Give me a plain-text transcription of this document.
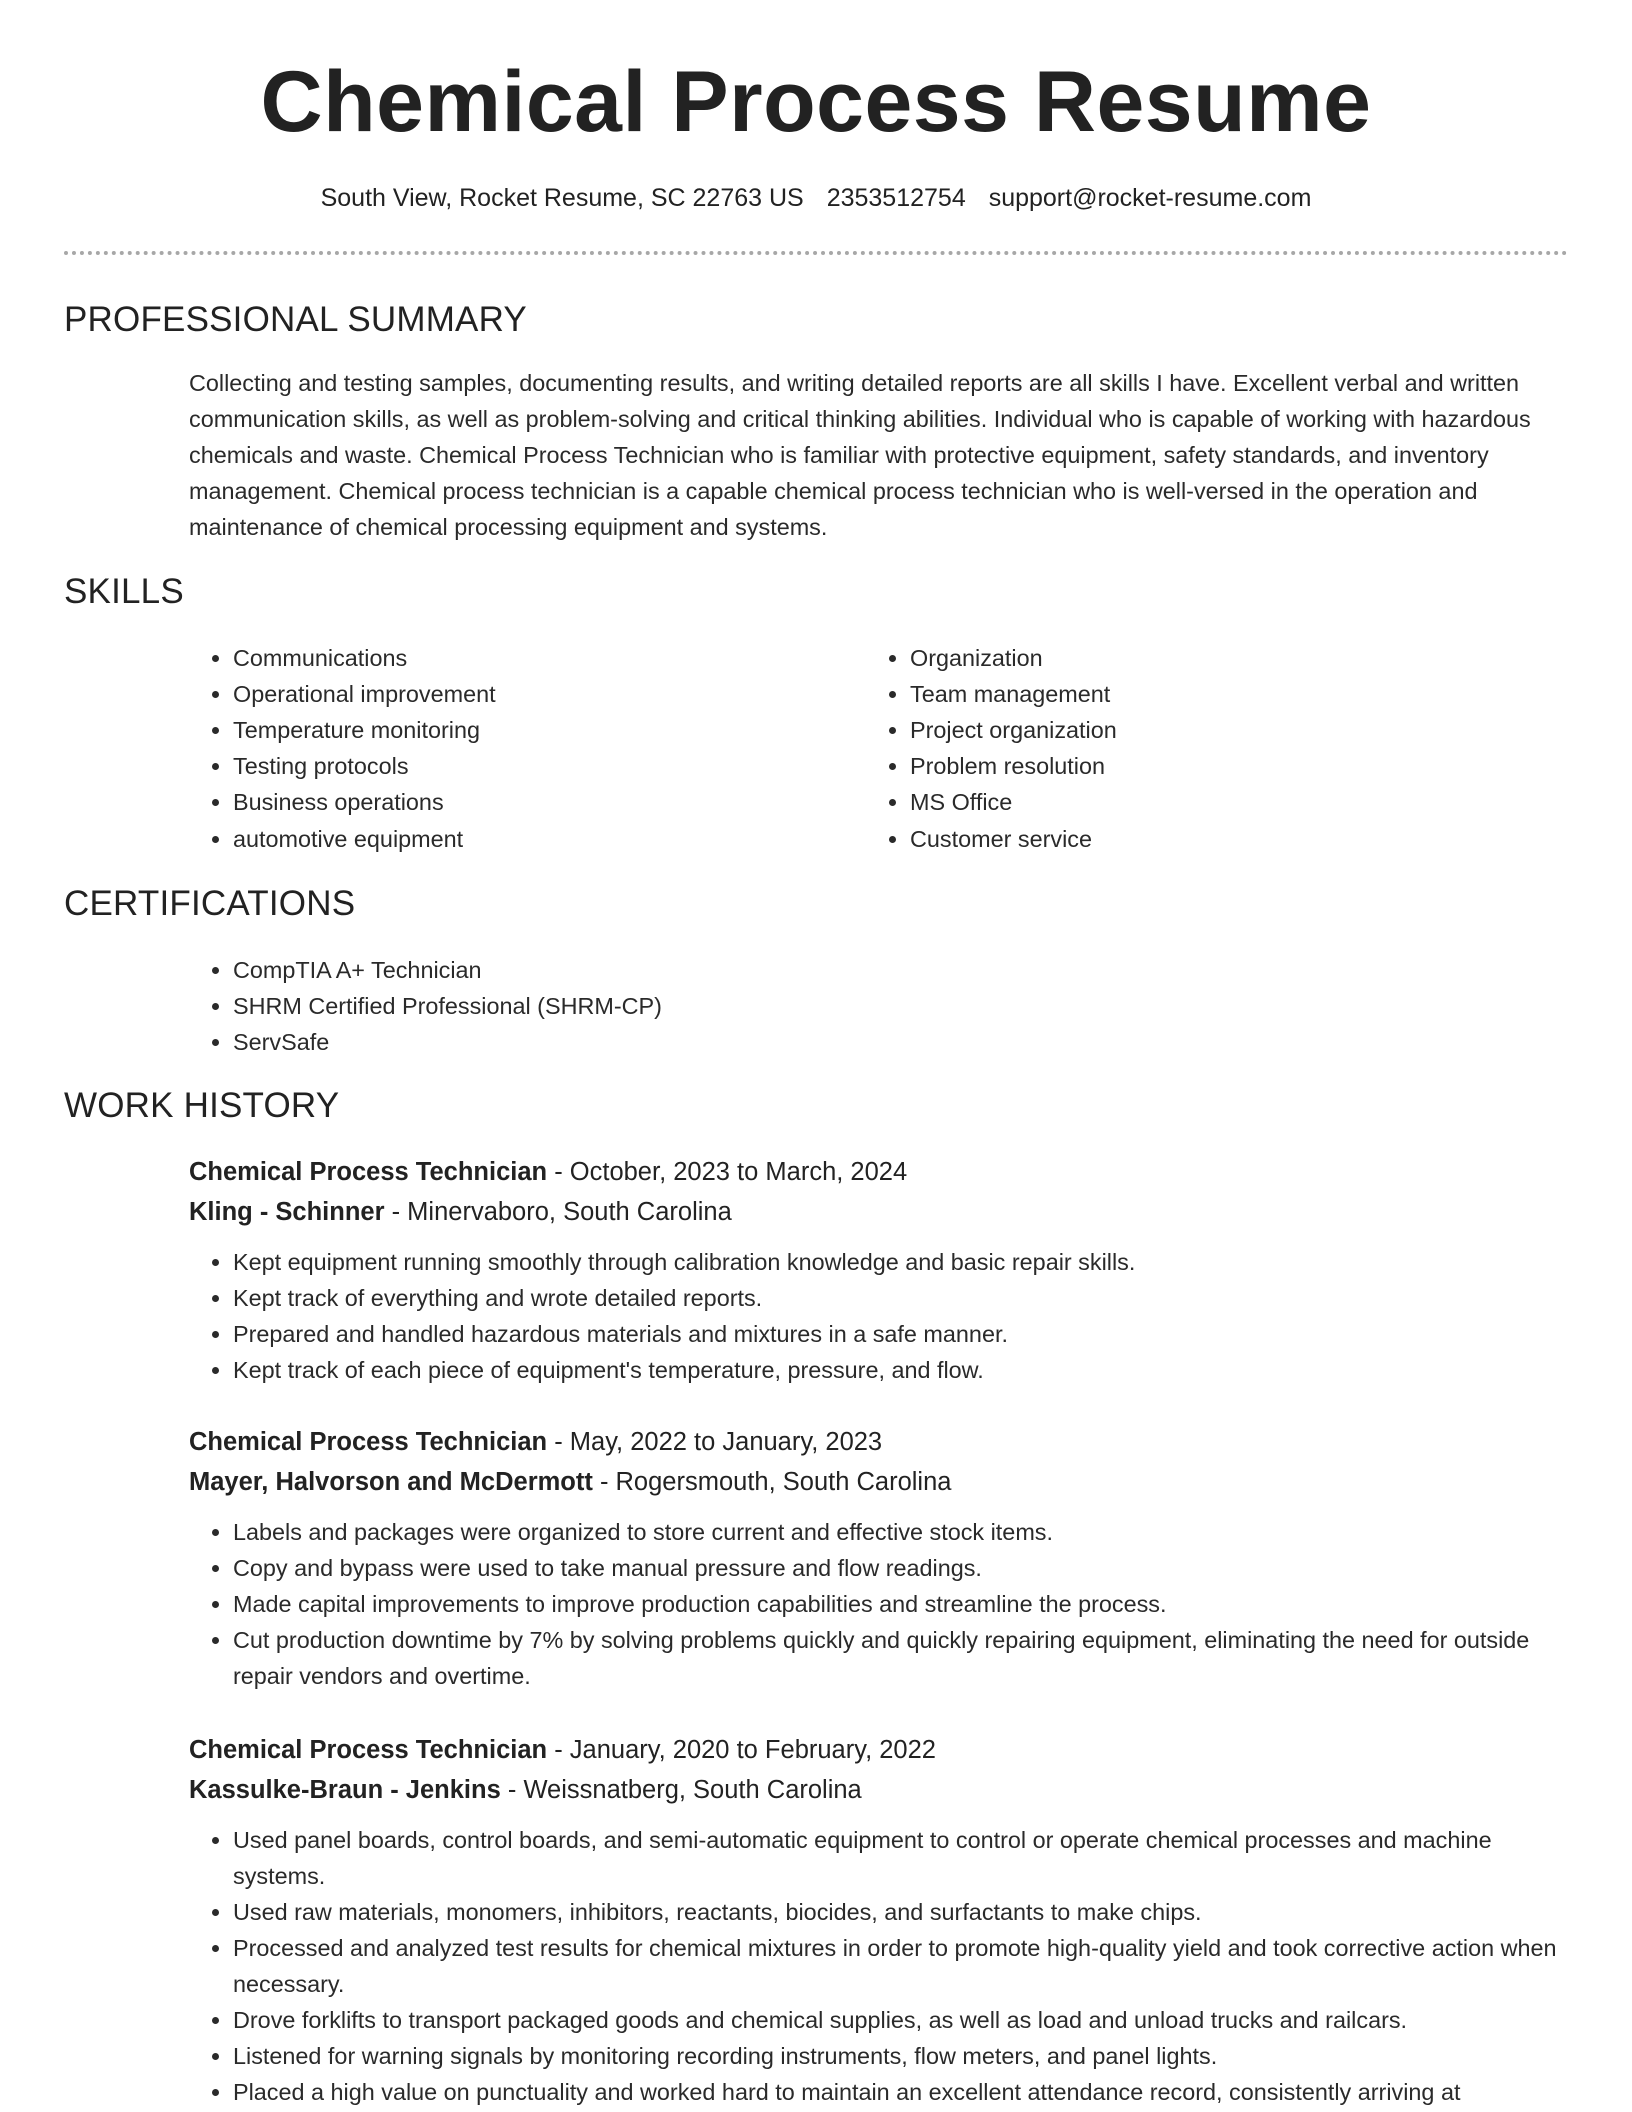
Chemical Process Resume
South View, Rocket Resume, SC 22763 US 2353512754 support@rocket-resume.com
PROFESSIONAL SUMMARY

Collecting and testing samples, documenting results, and writing detailed reports are all skills I have. Excellent verbal and written communication skills, as well as problem-solving and critical thinking abilities. Individual who is capable of working with hazardous chemicals and waste. Chemical Process Technician who is familiar with protective equipment, safety standards, and inventory management. Chemical process technician is a capable chemical process technician who is well-versed in the operation and maintenance of chemical processing equipment and systems.

SKILLS
• Communications
• Operational improvement
• Temperature monitoring
• Testing protocols
• Business operations
• automotive equipment
• Organization
• Team management
• Project organization
• Problem resolution
• MS Office
• Customer service
CERTIFICATIONS
• CompTIA A+ Technician
• SHRM Certified Professional (SHRM-CP)
• ServSafe
WORK HISTORY
Chemical Process Technician - October, 2023 to March, 2024
Kling - Schinner - Minervaboro, South Carolina
• Kept equipment running smoothly through calibration knowledge and basic repair skills.
• Kept track of everything and wrote detailed reports.
• Prepared and handled hazardous materials and mixtures in a safe manner.
• Kept track of each piece of equipment's temperature, pressure, and flow.
Chemical Process Technician - May, 2022 to January, 2023
Mayer, Halvorson and McDermott - Rogersmouth, South Carolina
• Labels and packages were organized to store current and effective stock items.
• Copy and bypass were used to take manual pressure and flow readings.
• Made capital improvements to improve production capabilities and streamline the process.
• Cut production downtime by 7% by solving problems quickly and quickly repairing equipment, eliminating the need for outside repair vendors and overtime.
Chemical Process Technician - January, 2020 to February, 2022
Kassulke-Braun - Jenkins - Weissnatberg, South Carolina
• Used panel boards, control boards, and semi-automatic equipment to control or operate chemical processes and machine systems.
• Used raw materials, monomers, inhibitors, reactants, biocides, and surfactants to make chips.
• Processed and analyzed test results for chemical mixtures in order to promote high-quality yield and took corrective action when necessary.
• Drove forklifts to transport packaged goods and chemical supplies, as well as load and unload trucks and railcars.
• Listened for warning signals by monitoring recording instruments, flow meters, and panel lights.
• Placed a high value on punctuality and worked hard to maintain an excellent attendance record, consistently arriving at
